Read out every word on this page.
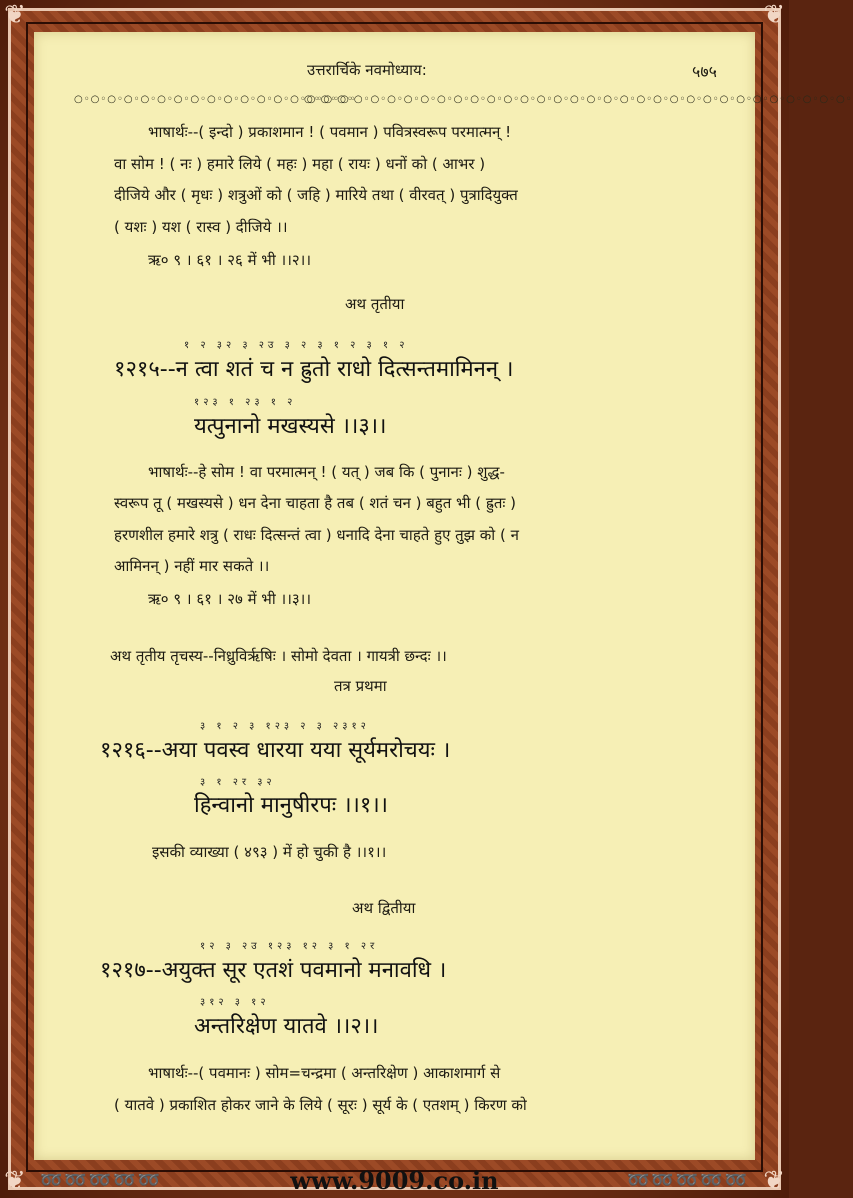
❦	❦
❦	❦
उत्तरार्चिके नवमोध्याय:	५७५
○◦○◦○◦○◦○◦○◦○◦○◦○◦○◦○◦○◦○◦○◦○◦○◦○◦
○◦○◦○◦○◦○◦○◦○◦○◦○◦○◦○◦○◦○◦○◦○◦○◦○◦○◦○◦○◦○◦○◦○◦○◦○◦○◦○◦○◦○◦○◦○◦○◦○◦
भाषार्थः--( इन्दो ) प्रकाशमान ! ( पवमान ) पवित्रस्वरूप परमात्मन् !
वा सोम ! ( नः ) हमारे लिये ( महः ) महा ( रायः ) धनों को ( आभर )
दीजिये और ( मृधः ) शत्रुओं को ( जहि ) मारिये तथा ( वीरवत् ) पुत्रादियुक्त
( यशः ) यश ( रास्व ) दीजिये ।।
ऋ० ९ । ६१ । २६ में भी ।।२।।
अथ तृतीया
१ २ ३२ ३ २उ ३ २ ३ १ २ ३ १ २
१२१५--न त्वा शतं च न ह्रुतो राधो दित्सन्तमामिनन् ।
१२३ १ २३ १ २
यत्पुनानो मखस्यसे ।।३।।
भाषार्थः--हे सोम ! वा परमात्मन् ! ( यत् ) जब कि ( पुनानः ) शुद्ध-
स्वरूप तू ( मखस्यसे ) धन देना चाहता है तब ( शतं चन ) बहुत भी ( ह्रुतः )
हरणशील हमारे शत्रु ( राधः दित्सन्तं त्वा ) धनादि देना चाहते हुए तुझ को ( न
आमिनन् ) नहीं मार सकते ।।
ऋ० ९ । ६१ । २७ में भी ।।३।।
अथ तृतीय तृचस्य--निध्रुविर्ऋषिः । सोमो देवता । गायत्री छन्दः ।।
तत्र प्रथमा
३ १ २ ३ १२३ २ ३ २३१२
१२१६--अया पवस्व धारया यया सूर्यमरोचयः ।
३ १ २र ३२
हिन्वानो मानुषीरपः ।।१।।
इसकी व्याख्या ( ४९३ ) में हो चुकी है ।।१।।
अथ द्वितीया
१२ ३ २उ १२३ १२ ३ १ २र
१२१७--अयुक्त सूर एतशं पवमानो मनावधि ।
३१२ ३ १२
अन्तरिक्षेण यातवे ।।२।।
भाषार्थः--( पवमानः ) सोम=चन्द्रमा ( अन्तरिक्षेण ) आकाशमार्ग से
( यातवे ) प्रकाशित होकर जाने के लिये ( सूरः ) सूर्य के ( एतशम् ) किरण को
➿➿➿➿➿	➿➿➿➿➿
www.9009.co.in
